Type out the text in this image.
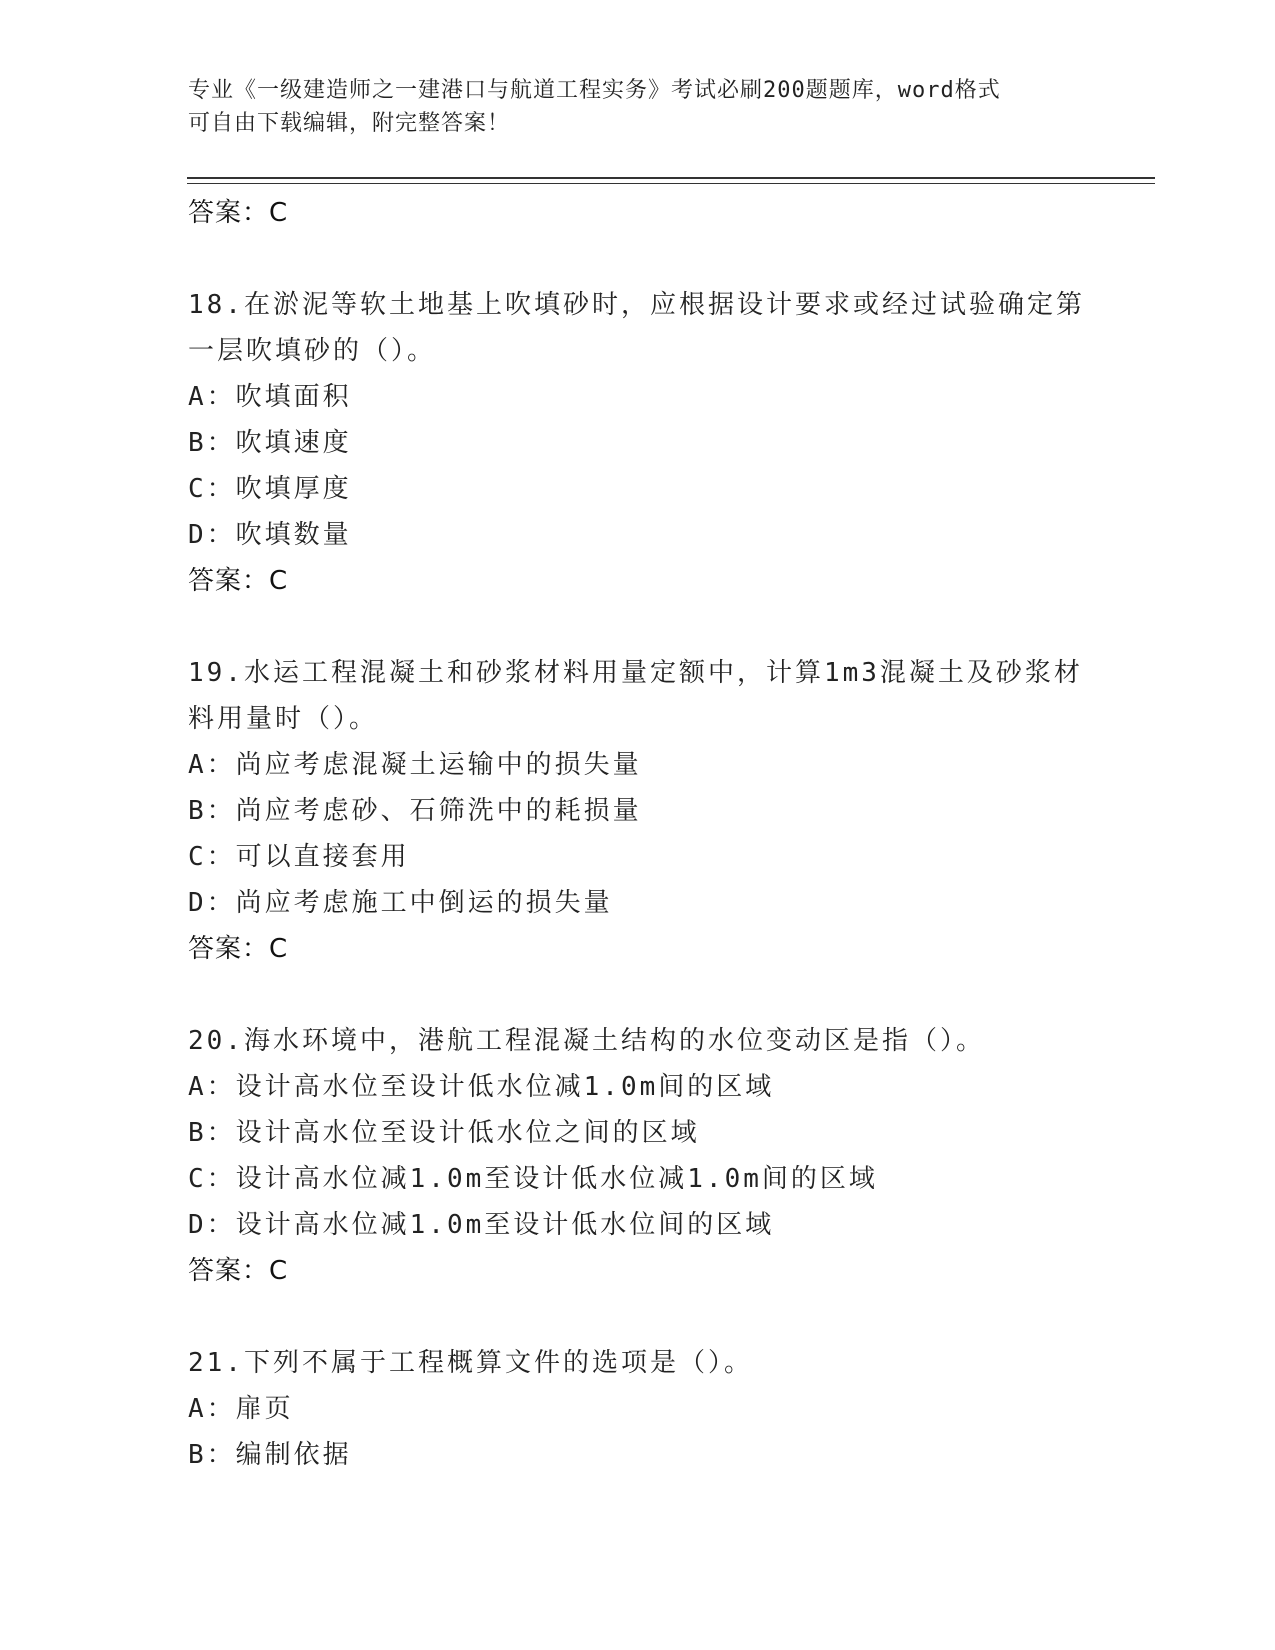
专业《一级建造师之一建港口与航道工程实务》考试必刷200题题库，word格式
可自由下载编辑，附完整答案！
答案：C
18.在淤泥等软土地基上吹填砂时，应根据设计要求或经过试验确定第
一层吹填砂的（）。
A：吹填面积
B：吹填速度
C：吹填厚度
D：吹填数量
答案：C
19.水运工程混凝土和砂浆材料用量定额中，计算1m3混凝土及砂浆材
料用量时（）。
A：尚应考虑混凝土运输中的损失量
B：尚应考虑砂、石筛洗中的耗损量
C：可以直接套用
D：尚应考虑施工中倒运的损失量
答案：C
20.海水环境中，港航工程混凝土结构的水位变动区是指（）。
A：设计高水位至设计低水位减1.0m间的区域
B：设计高水位至设计低水位之间的区域
C：设计高水位减1.0m至设计低水位减1.0m间的区域
D：设计高水位减1.0m至设计低水位间的区域
答案：C
21.下列不属于工程概算文件的选项是（）。
A：扉页
B：编制依据
